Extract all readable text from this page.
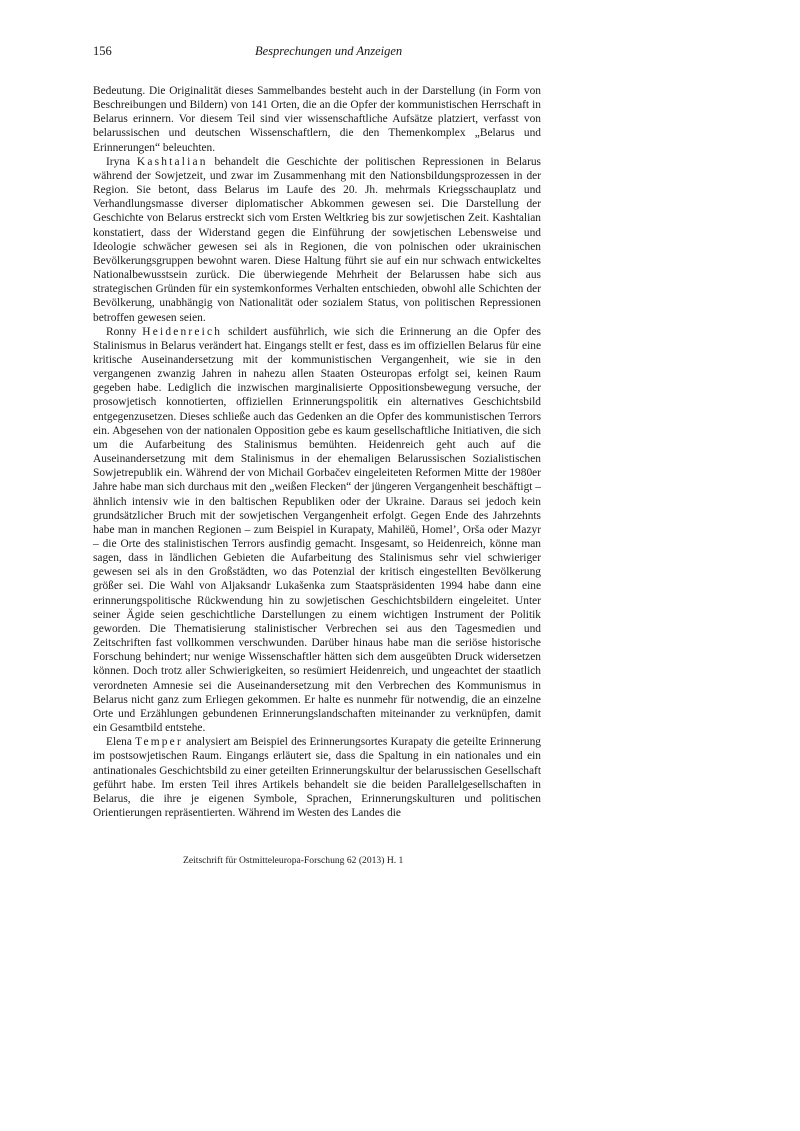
156	Besprechungen und Anzeigen

Bedeutung. Die Originalität dieses Sammelbandes besteht auch in der Darstellung (in Form von Beschreibungen und Bildern) von 141 Orten, die an die Opfer der kommunistischen Herrschaft in Belarus erinnern. Vor diesem Teil sind vier wissenschaftliche Aufsätze platziert, verfasst von belarussischen und deutschen Wissenschaftlern, die den Themenkomplex „Belarus und Erinnerungen“ beleuchten.

Iryna Kashtalian behandelt die Geschichte der politischen Repressionen in Belarus während der Sowjetzeit, und zwar im Zusammenhang mit den Nationsbildungsprozessen in der Region. Sie betont, dass Belarus im Laufe des 20. Jh. mehrmals Kriegsschauplatz und Verhandlungsmasse diverser diplomatischer Abkommen gewesen sei. Die Darstellung der Geschichte von Belarus erstreckt sich vom Ersten Weltkrieg bis zur sowjetischen Zeit. Kashtalian konstatiert, dass der Widerstand gegen die Einführung der sowjetischen Lebensweise und Ideologie schwächer gewesen sei als in Regionen, die von polnischen oder ukrainischen Bevölkerungsgruppen bewohnt waren. Diese Haltung führt sie auf ein nur schwach entwickeltes Nationalbewusstsein zurück. Die überwiegende Mehrheit der Belarussen habe sich aus strategischen Gründen für ein systemkonformes Verhalten entschieden, obwohl alle Schichten der Bevölkerung, unabhängig von Nationalität oder sozialem Status, von politischen Repressionen betroffen gewesen seien.

Ronny Heidenreich schildert ausführlich, wie sich die Erinnerung an die Opfer des Stalinismus in Belarus verändert hat. Eingangs stellt er fest, dass es im offiziellen Belarus für eine kritische Auseinandersetzung mit der kommunistischen Vergangenheit, wie sie in den vergangenen zwanzig Jahren in nahezu allen Staaten Osteuropas erfolgt sei, keinen Raum gegeben habe. Lediglich die inzwischen marginalisierte Oppositionsbewegung versuche, der prosowjetisch konnotierten, offiziellen Erinnerungspolitik ein alternatives Geschichtsbild entgegenzusetzen. Dieses schließe auch das Gedenken an die Opfer des kommunistischen Terrors ein. Abgesehen von der nationalen Opposition gebe es kaum gesellschaftliche Initiativen, die sich um die Aufarbeitung des Stalinismus bemühten. Heidenreich geht auch auf die Auseinandersetzung mit dem Stalinismus in der ehemaligen Belarussischen Sozialistischen Sowjetrepublik ein. Während der von Michail Gorbačev eingeleiteten Reformen Mitte der 1980er Jahre habe man sich durchaus mit den „weißen Flecken“ der jüngeren Vergangenheit beschäftigt – ähnlich intensiv wie in den baltischen Republiken oder der Ukraine. Daraus sei jedoch kein grundsätzlicher Bruch mit der sowjetischen Vergangenheit erfolgt. Gegen Ende des Jahrzehnts habe man in manchen Regionen – zum Beispiel in Kurapaty, Mahilëŭ, Homel’, Orša oder Mazyr – die Orte des stalinistischen Terrors ausfindig gemacht. Insgesamt, so Heidenreich, könne man sagen, dass in ländlichen Gebieten die Aufarbeitung des Stalinismus sehr viel schwieriger gewesen sei als in den Großstädten, wo das Potenzial der kritisch eingestellten Bevölkerung größer sei. Die Wahl von Aljaksandr Lukašenka zum Staatspräsidenten 1994 habe dann eine erinnerungspolitische Rückwendung hin zu sowjetischen Geschichtsbildern eingeleitet. Unter seiner Ägide seien geschichtliche Darstellungen zu einem wichtigen Instrument der Politik geworden. Die Thematisierung stalinistischer Verbrechen sei aus den Tagesmedien und Zeitschriften fast vollkommen verschwunden. Darüber hinaus habe man die seriöse historische Forschung behindert; nur wenige Wissenschaftler hätten sich dem ausgeübten Druck widersetzen können. Doch trotz aller Schwierigkeiten, so resümiert Heidenreich, und ungeachtet der staatlich verordneten Amnesie sei die Auseinandersetzung mit den Verbrechen des Kommunismus in Belarus nicht ganz zum Erliegen gekommen. Er halte es nunmehr für notwendig, die an einzelne Orte und Erzählungen gebundenen Erinnerungslandschaften miteinander zu verknüpfen, damit ein Gesamtbild entstehe.

Elena Temper analysiert am Beispiel des Erinnerungsortes Kurapaty die geteilte Erinnerung im postsowjetischen Raum. Eingangs erläutert sie, dass die Spaltung in ein nationales und ein antinationales Geschichtsbild zu einer geteilten Erinnerungskultur der belarussischen Gesellschaft geführt habe. Im ersten Teil ihres Artikels behandelt sie die beiden Parallelgesellschaften in Belarus, die ihre je eigenen Symbole, Sprachen, Erinnerungskulturen und politischen Orientierungen repräsentierten. Während im Westen des Landes die

Zeitschrift für Ostmitteleuropa-Forschung 62 (2013) H. 1
